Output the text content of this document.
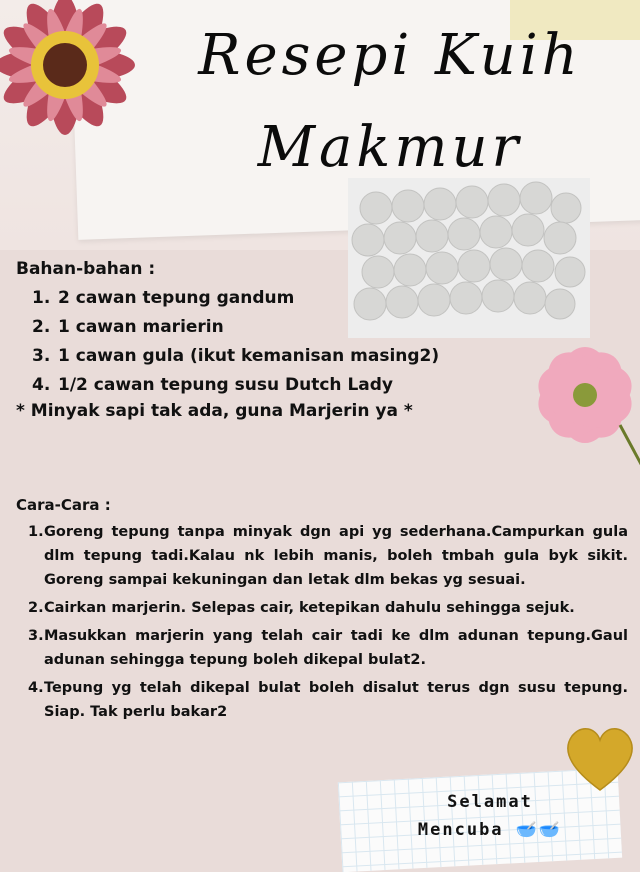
Resepi Kuih
Makmur
Bahan-bahan :
1. 2 cawan tepung gandum
2. 1 cawan marierin
3. 1 cawan gula (ikut kemanisan masing2)
4. 1/2 cawan tepung susu Dutch Lady
* Minyak sapi tak ada, guna Marjerin ya *
Cara-Cara :
1. Goreng tepung tanpa minyak dgn api yg sederhana.Campurkan gula dlm tepung tadi.Kalau nk lebih manis, boleh tmbah gula byk sikit. Goreng sampai kekuningan dan letak dlm bekas yg sesuai.
2. Cairkan marjerin. Selepas cair, ketepikan dahulu sehingga sejuk.
3. Masukkan marjerin yang telah cair tadi ke dlm adunan tepung.Gaul adunan sehingga tepung boleh dikepal bulat2.
4. Tepung yg telah dikepal bulat boleh disalut terus dgn susu tepung. Siap. Tak perlu bakar2
Selamat
Mencuba 🥣🥣
